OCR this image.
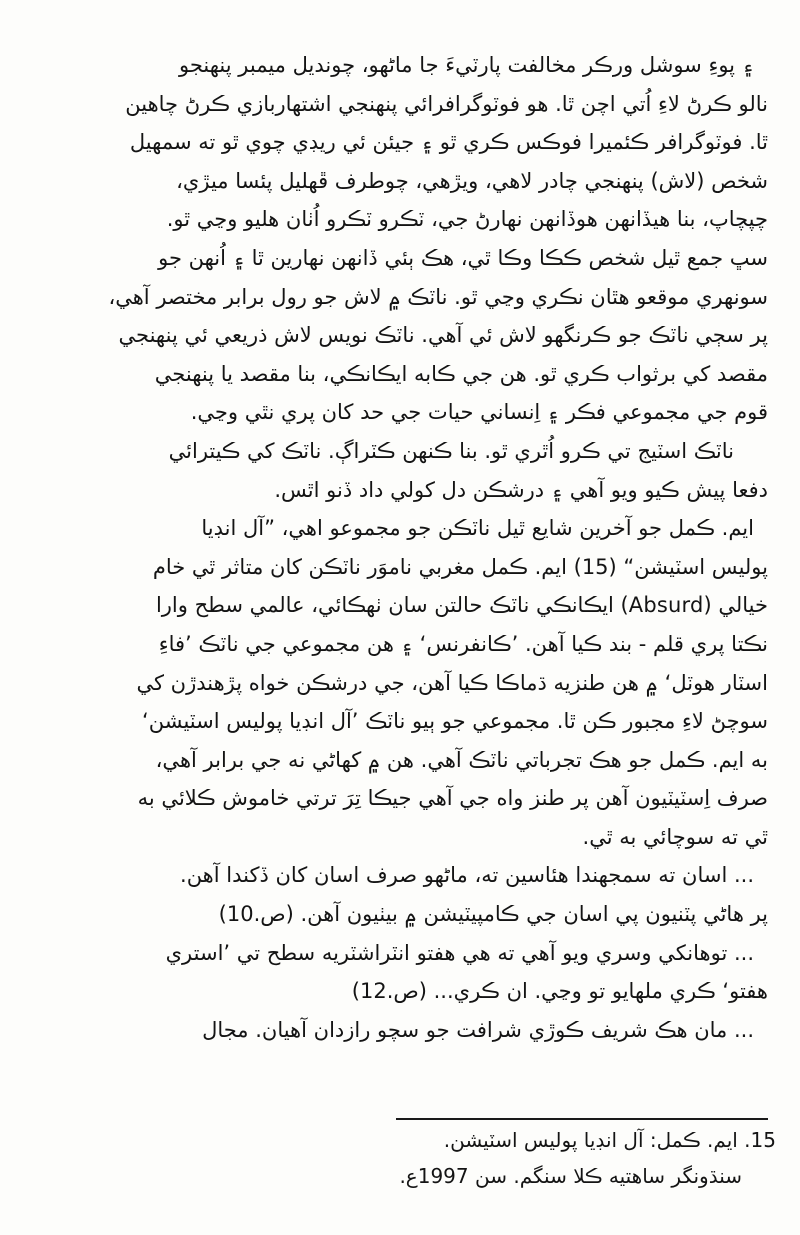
۽ پوءِ سوشل ورڪر مخالفت پارٽيءَ جا ماڻهو، چونديل ميمبر پنهنجو
نالو ڪرڻ لاءِ اُتي اچن ٿا. هو فوٽوگرافرائي پنهنجي اشتهاربازي ڪرڻ چاهين
ٿا. فوٽوگرافر ڪئميرا فوڪس ڪري ٿو ۽ جيئن ئي ريڊي چوي ٿو ته سمهيل
شخص (لاش) پنهنجي چادر لاهي، ويڙهي، چوطرف ڦهليل پئسا ميڙي،
چپچاپ، بنا هيڏانهن هوڏانهن نهارڻ جي، ٽڪرو ٽڪرو اُٺان هليو وڃي ٿو.
سڀ جمع ٿيل شخص ڪڪا وڪا ٿي، هڪ ٻئي ڏانهن نهارين ٿا ۽ اُنهن جو
سونهري موقعو هٿان نڪري وڃي ٿو. ناٽڪ ۾ لاش جو رول برابر مختصر آهي،
پر سڄي ناٽڪ جو ڪرنگهو لاش ئي آهي. ناٽڪ نويس لاش ذريعي ئي پنهنجي
مقصد کي برثواب ڪري ٿو. هن جي ڪابه ايڪانڪي، بنا مقصد يا پنهنجي
قوم جي مجموعي فڪر ۽ اِنساني حيات جي حد کان پري نٿي وڃي.
ناٽڪ اسٽيج تي ڪرو اُٿري ٿو. بنا ڪنهن ڪٽراڳ. ناٽڪ کي ڪيترائي
دفعا پيش ڪيو ويو آهي ۽ درشڪن دل کولي داد ڏنو اٿس.
ايم. ڪمل جو آخرين شايع ٿيل ناٽڪن جو مجموعو اهي، ”آل انڊيا
پوليس اسٽيشن“ (15) ايم. ڪمل مغربي ناموَر ناٽڪن کان متاثر ٿي خام
خيالي (Absurd) ايڪانڪي ناٽڪ حالتن سان ٺهڪائي، عالمي سطح وارا
نڪتا پري قلم - بند ڪيا آهن. ’ڪانفرنس‘ ۽ هن مجموعي جي ناٽڪ ’فاءِ
اسٽار هوٽل‘ ۾ هن طنزيه ڌماڪا ڪيا آهن، جي درشڪن خواه پڙهندڙن کي
سوچڻ لاءِ مجبور ڪن ٿا. مجموعي جو ٻيو ناٽڪ ’آل انڊيا پوليس اسٽيشن‘
به ايم. ڪمل جو هڪ تجرباتي ناٽڪ آهي. هن ۾ کهاڻي نه جي برابر آهي،
صرف اِسٽيٽيون آهن پر طنز واه جي آهي جيڪا تِرَ ترتي خاموش ڪلائي به
ٿي ته سوچائي به ٿي.
... اسان ته سمجهندا هئاسين ته، ماڻهو صرف اسان کان ڏکندا آهن.
پر هاڻي پٽنيون پي اسان جي ڪامپيٽيشن ۾ بيٺيون آهن. (ص.10)
... توهانکي وسري ويو آهي ته هي هفتو انٽراشٽريه سطح تي ’استري
هفتو‘ ڪري ملهايو تو وڃي. ان ڪري... (ص.12)
... مان هڪ شريف ڪوڙي شرافت جو سچو رازدان آهيان. مجال
15. ايم. ڪمل: آل انڊيا پوليس اسٽيشن.
سنڌونگر ساهتيه ڪلا سنگم. سن 1997ع.
